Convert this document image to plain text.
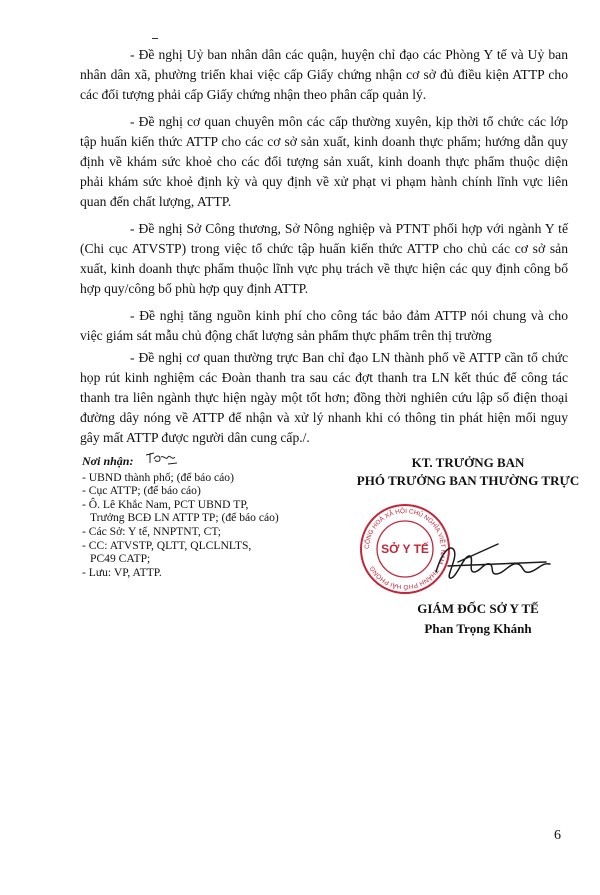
- Đề nghị Uỷ ban nhân dân các quận, huyện chỉ đạo các Phòng Y tế và Uỷ ban nhân dân xã, phường triển khai việc cấp Giấy chứng nhận cơ sở đủ điều kiện ATTP cho các đối tượng phải cấp Giấy chứng nhận theo phân cấp quản lý.

- Đề nghị cơ quan chuyên môn các cấp thường xuyên, kịp thời tổ chức các lớp tập huấn kiến thức ATTP cho các cơ sở sản xuất, kinh doanh thực phẩm; hướng dẫn quy định về khám sức khoẻ cho các đối tượng sản xuất, kinh doanh thực phẩm thuộc diện phải khám sức khoẻ định kỳ và quy định về xử phạt vi phạm hành chính lĩnh vực liên quan đến chất lượng, ATTP.

- Đề nghị Sở Công thương, Sở Nông nghiệp và PTNT phối hợp với ngành Y tế (Chi cục ATVSTP) trong việc tổ chức tập huấn kiến thức ATTP cho chủ các cơ sở sản xuất, kinh doanh thực phẩm thuộc lĩnh vực phụ trách về thực hiện các quy định công bố hợp quy/công bố phù hợp quy định ATTP.

- Đề nghị tăng nguồn kinh phí cho công tác bảo đảm ATTP nói chung và cho việc giám sát mẫu chủ động chất lượng sản phẩm thực phẩm trên thị trường

- Đề nghị cơ quan thường trực Ban chỉ đạo LN thành phố về ATTP cần tổ chức họp rút kinh nghiệm các Đoàn thanh tra sau các đợt thanh tra LN kết thúc để công tác thanh tra liên ngành thực hiện ngày một tốt hơn; đồng thời nghiên cứu lập số điện thoại đường dây nóng về ATTP để nhận và xử lý nhanh khi có thông tin phát hiện mối nguy gây mất ATTP được người dân cung cấp./.

Nơi nhận:
- UBND thành phố; (để báo cáo)
- Cục ATTP; (để báo cáo)
- Ô. Lê Khắc Nam, PCT UBND TP,
Trưởng BCĐ LN ATTP TP; (để báo cáo)
- Các Sở: Y tế, NNPTNT, CT;
- CC: ATVSTP, QLTT, QLCLNLTS,
PC49 CATP;
- Lưu: VP, ATTP.
KT. TRƯỞNG BAN
PHÓ TRƯỞNG BAN THƯỜNG TRỰC
CỘNG HOÀ XÃ HỘI CHỦ NGHĨA VIỆT NAM · THÀNH PHỐ HẢI PHÒNG
SỞ Y TẾ
GIÁM ĐỐC SỞ Y TẾ
Phan Trọng Khánh
6
